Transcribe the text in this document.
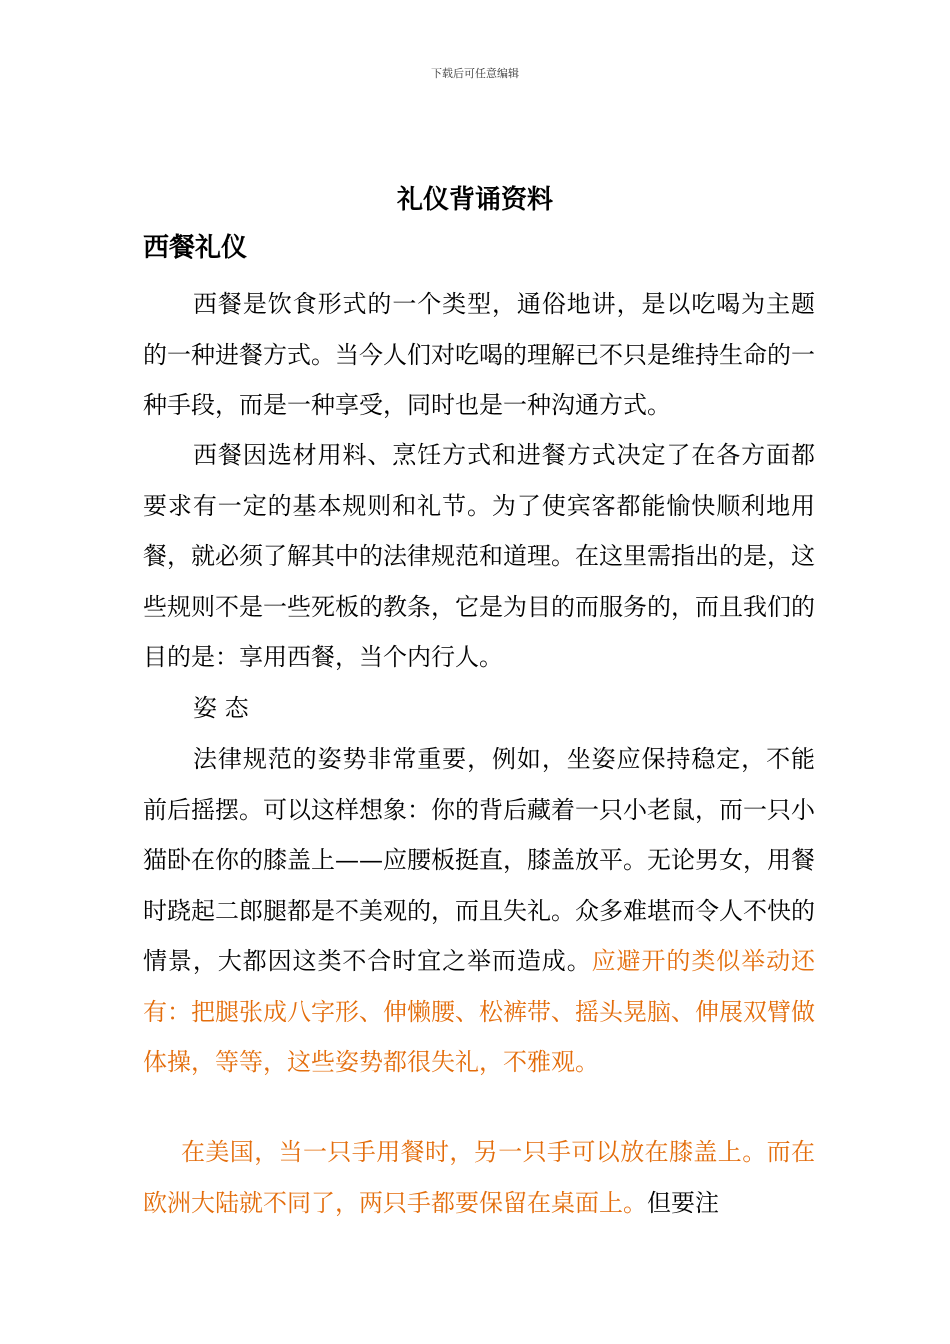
下载后可任意编辑
礼仪背诵资料
西餐礼仪

西餐是饮食形式的一个类型，通俗地讲，是以吃喝为主题的一种进餐方式。当今人们对吃喝的理解已不只是维持生命的一种手段，而是一种享受，同时也是一种沟通方式。

西餐因选材用料、烹饪方式和进餐方式决定了在各方面都要求有一定的基本规则和礼节。为了使宾客都能愉快顺利地用餐，就必须了解其中的法律规范和道理。在这里需指出的是，这些规则不是一些死板的教条，它是为目的而服务的，而且我们的目的是：享用西餐，当个内行人。

姿 态

法律规范的姿势非常重要，例如，坐姿应保持稳定，不能前后摇摆。可以这样想象：你的背后藏着一只小老鼠，而一只小猫卧在你的膝盖上——应腰板挺直，膝盖放平。无论男女，用餐时跷起二郎腿都是不美观的，而且失礼。众多难堪而令人不快的情景，大都因这类不合时宜之举而造成。应避开的类似举动还有：把腿张成八字形、伸懒腰、松裤带、摇头晃脑、伸展双臂做体操，等等，这些姿势都很失礼，不雅观。

在美国，当一只手用餐时，另一只手可以放在膝盖上。而在欧洲大陆就不同了，两只手都要保留在桌面上。但要注
